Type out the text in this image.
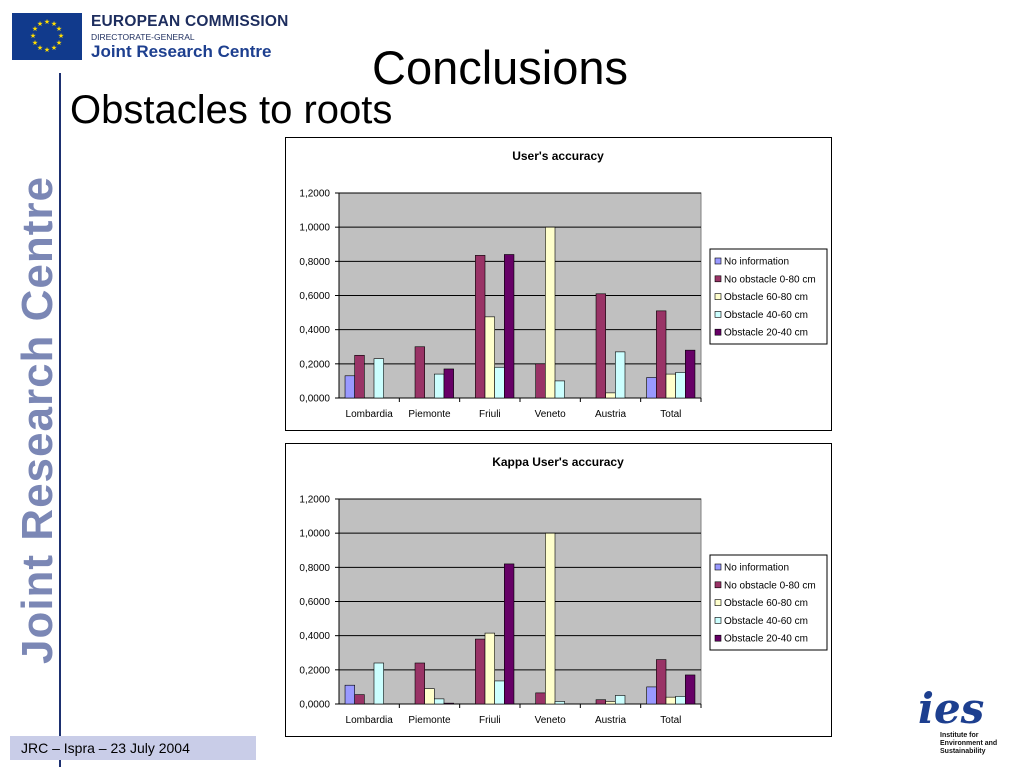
★ ★
★
★
★
★
★
★
★
★
★
★	EUROPEAN COMMISSION
DIRECTORATE-GENERAL
Joint Research Centre
Joint Research Centre
Conclusions
Obstacles to roots
User's accuracy
0,0000
0,2000
0,4000
0,6000
0,8000
1,0000
1,2000
Lombardia Piemonte	Friuli	Veneto	Austria	Total
No information
No obstacle 0-80 cm
Obstacle 60-80 cm
Obstacle 40-60 cm
Obstacle 20-40 cm
Kappa User's accuracy
0,0000
0,2000
0,4000
0,6000
0,8000
1,0000
1,2000
Lombardia Piemonte	Friuli	Veneto	Austria	Total
No information
No obstacle 0-80 cm
Obstacle 60-80 cm
Obstacle 40-60 cm
Obstacle 20-40 cm
JRC – Ispra – 23 July 2004
ies
Institute for
Environment and
Sustainability
